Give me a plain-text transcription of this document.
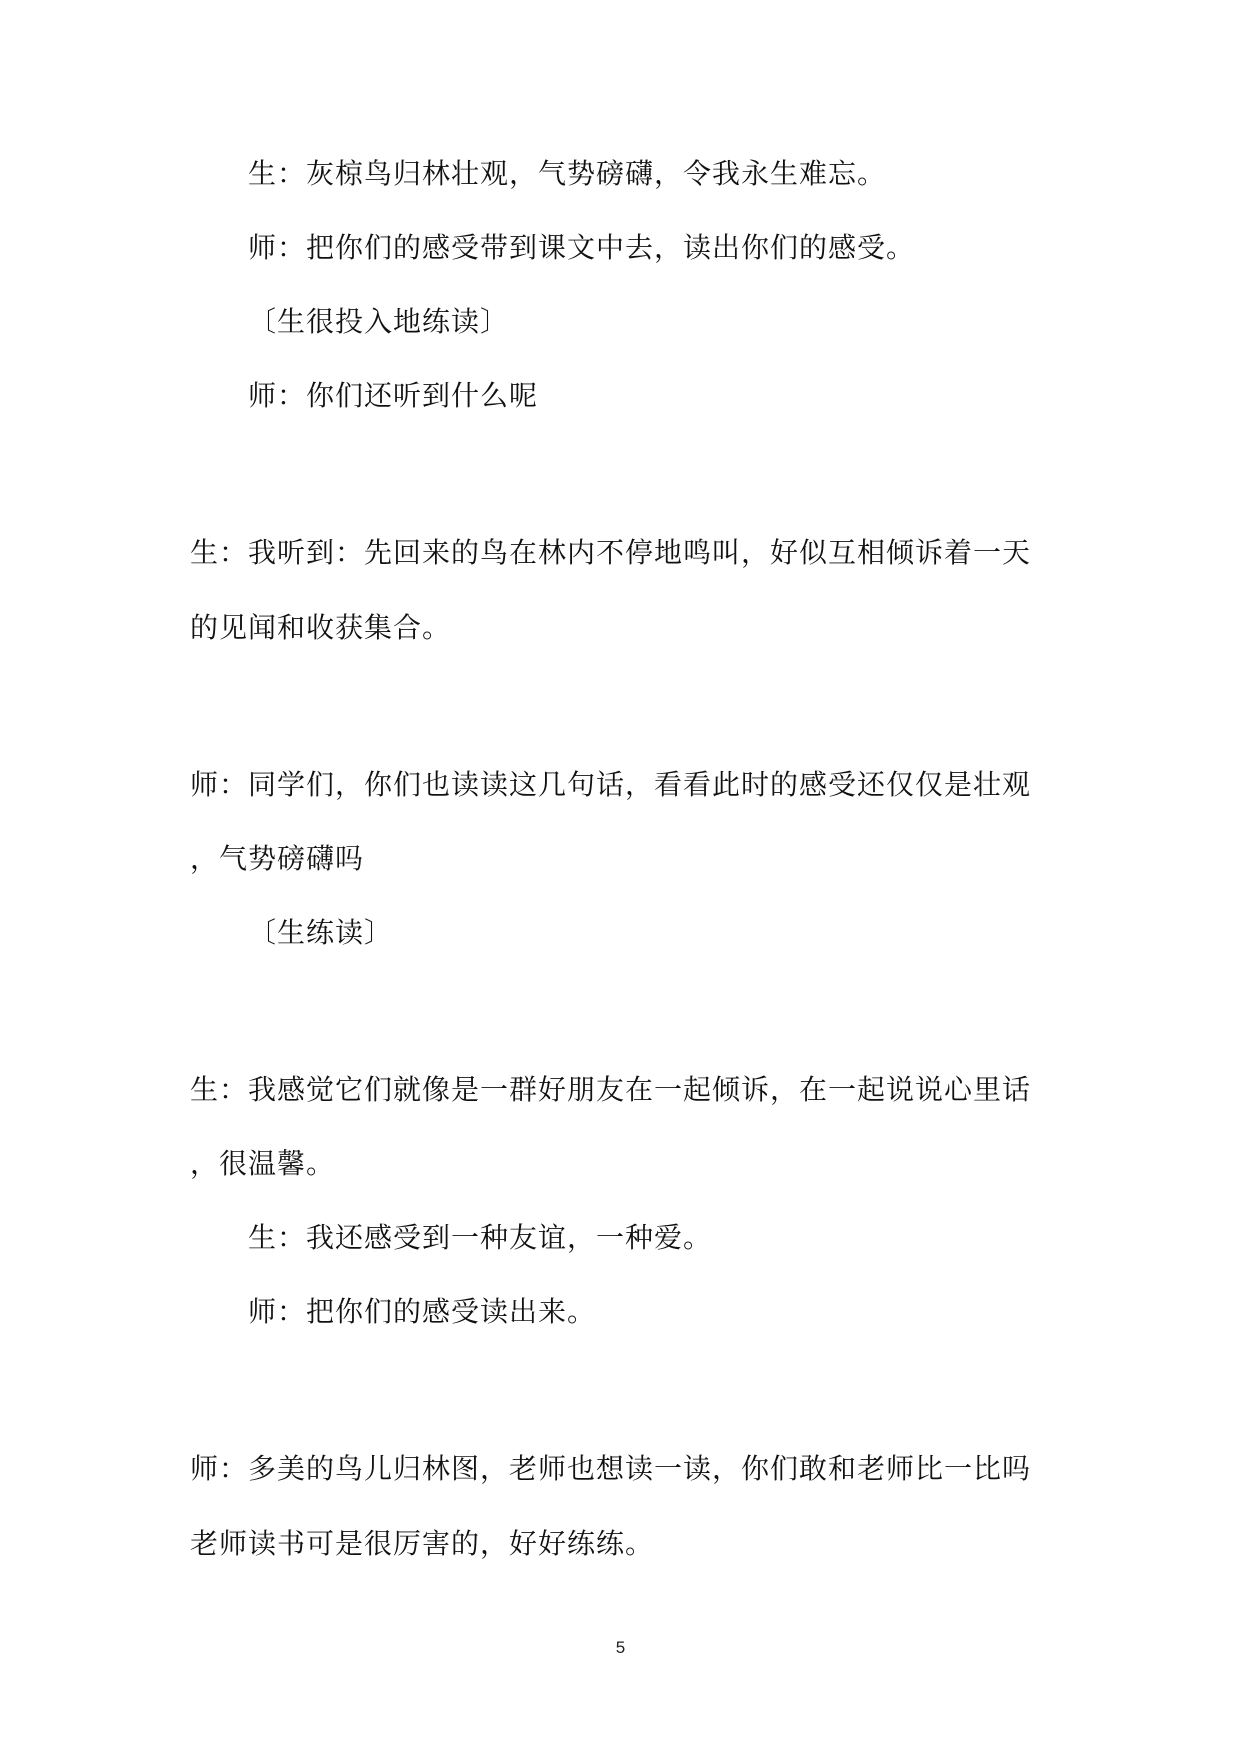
生：灰椋鸟归林壮观，气势磅礴，令我永生难忘。
师：把你们的感受带到课文中去，读出你们的感受。
〔生很投入地练读〕
师：你们还听到什么呢
生：我听到：先回来的鸟在林内不停地鸣叫，好似互相倾诉着一天
的见闻和收获集合。
师：同学们，你们也读读这几句话，看看此时的感受还仅仅是壮观
，气势磅礴吗
〔生练读〕
生：我感觉它们就像是一群好朋友在一起倾诉，在一起说说心里话
，很温馨。
生：我还感受到一种友谊，一种爱。
师：把你们的感受读出来。
师：多美的鸟儿归林图，老师也想读一读，你们敢和老师比一比吗
老师读书可是很厉害的，好好练练。
5
